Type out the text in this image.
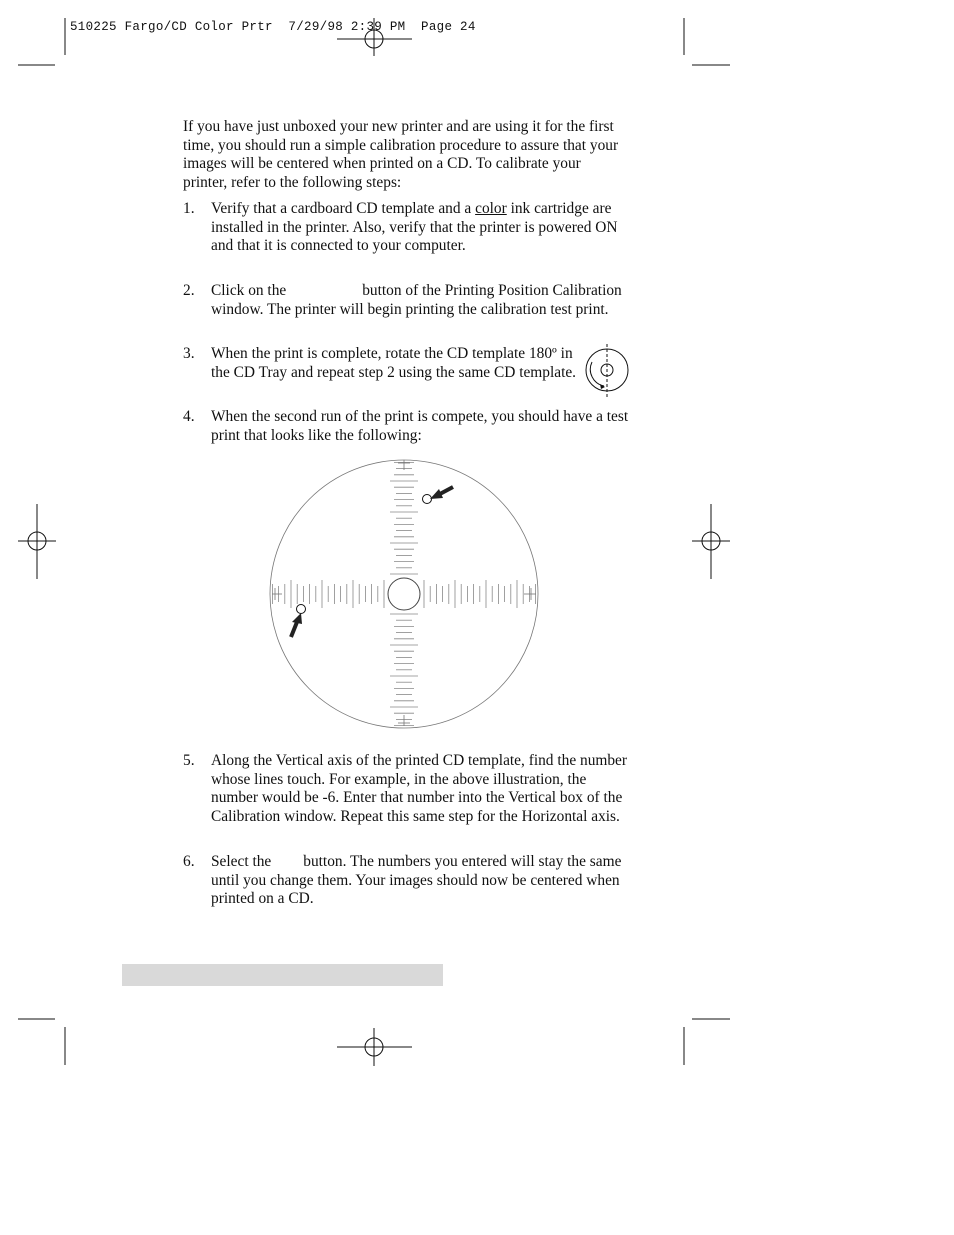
510225 Fargo/CD Color Prtr  7/29/98 2:39 PM  Page 24
If you have just unboxed your new printer and are using it for the first time, you should run a simple calibration procedure to assure that your images will be centered when printed on a CD. To calibrate your printer, refer to the following steps:
1. Verify that a cardboard CD template and a color ink cartridge are installed in the printer. Also, verify that the printer is powered ON and that it is connected to your computer.
2. Click on the	button of the Printing Position Calibration window. The printer will begin printing the calibration test print.
3. When the print is complete, rotate the CD template 180º in the CD Tray and repeat step 2 using the same CD template.
4. When the second run of the print is compete, you should have a test print that looks like the following:
5. Along the Vertical axis of the printed CD template, find the number whose lines touch. For example, in the above illustration, the number would be -6. Enter that number into the Vertical box of the Calibration window. Repeat this same step for the Horizontal axis.
6. Select the button. The numbers you entered will stay the same until you change them. Your images should now be centered when printed on a CD.
